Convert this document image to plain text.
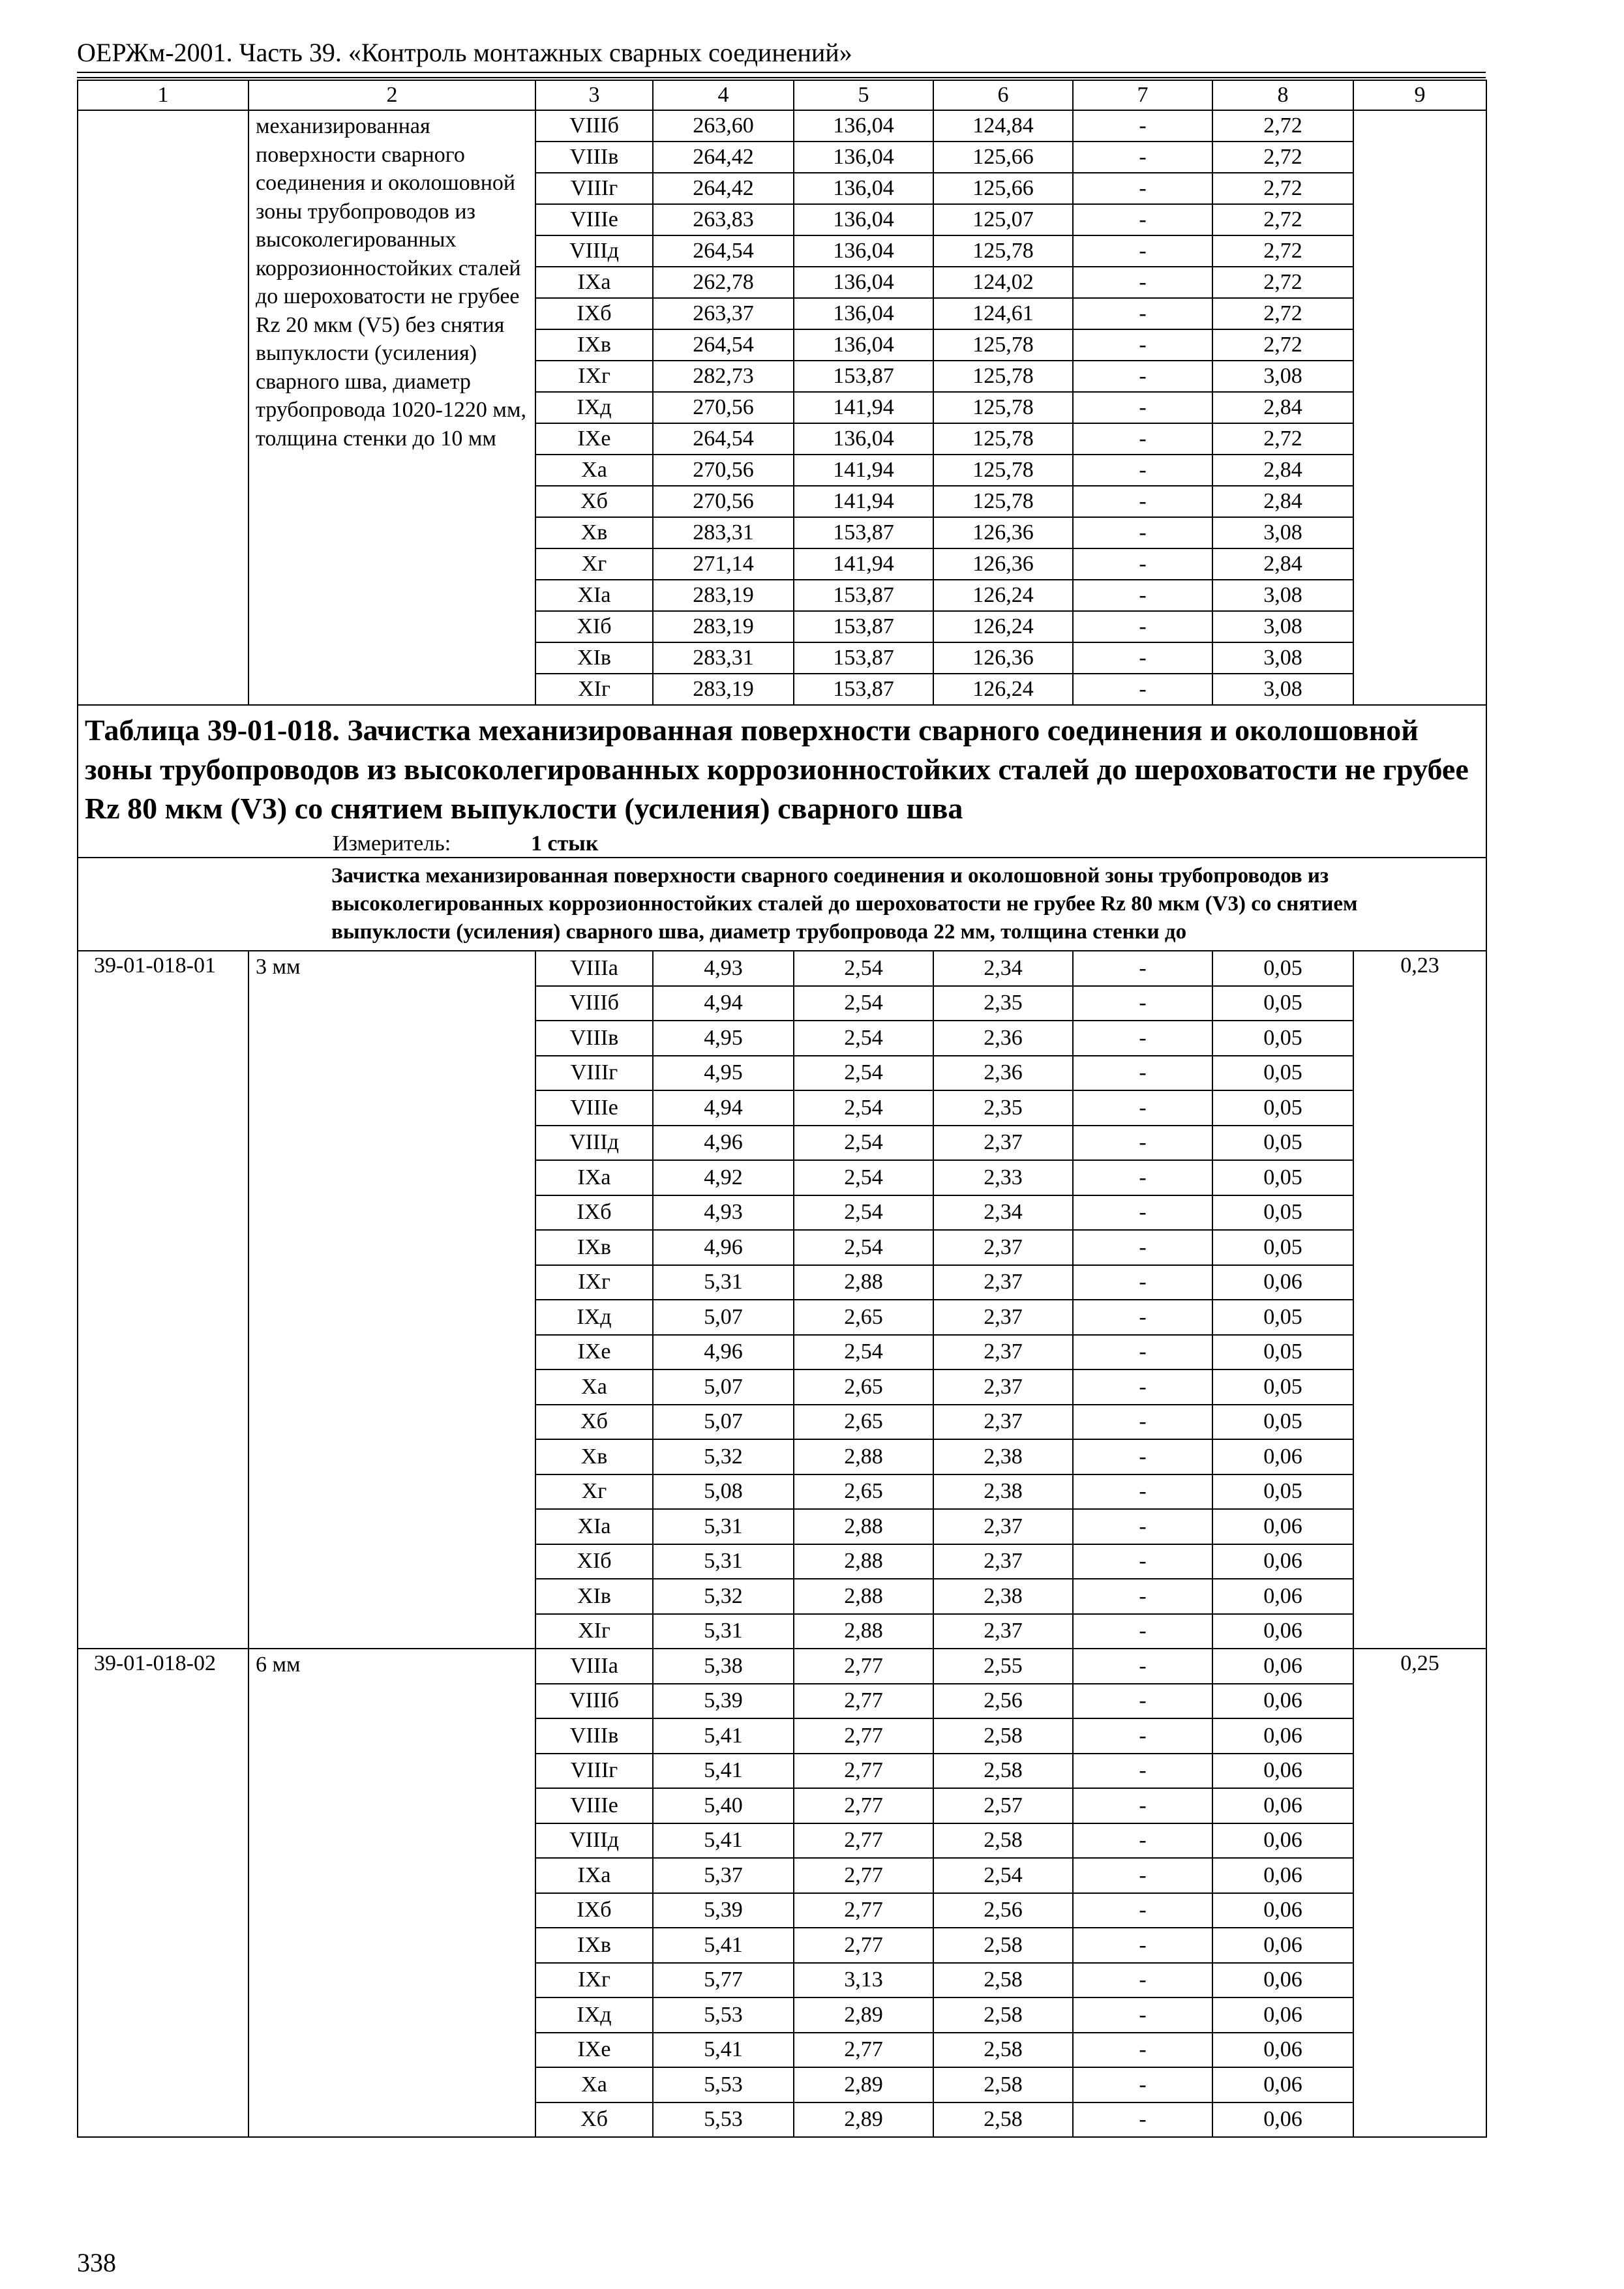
ОЕРЖм-2001. Часть 39. «Контроль монтажных сварных соединений»
1	2	3	4	5	6	7	8	9
	механизированная поверхности сварного соединения и околошовной зоны трубопроводов из высоколегированных коррозионностойких сталей до шероховатости не грубее Rz 20 мкм (V5) без снятия выпуклости (усиления) сварного шва, диаметр трубопровода 1020-1220 мм, толщина стенки до 10 мм	VIIIб	263,60	136,04	124,84	-	2,72	
		VIIIв	264,42	136,04	125,66	-	2,72	
		VIIIг	264,42	136,04	125,66	-	2,72	
		VIIIе	263,83	136,04	125,07	-	2,72	
		VIIIд	264,54	136,04	125,78	-	2,72	
		IXа	262,78	136,04	124,02	-	2,72	
		IXб	263,37	136,04	124,61	-	2,72	
		IXв	264,54	136,04	125,78	-	2,72	
		IXг	282,73	153,87	125,78	-	3,08	
		IXд	270,56	141,94	125,78	-	2,84	
		IXе	264,54	136,04	125,78	-	2,72	
		Xа	270,56	141,94	125,78	-	2,84	
		Xб	270,56	141,94	125,78	-	2,84	
		Xв	283,31	153,87	126,36	-	3,08	
		Xг	271,14	141,94	126,36	-	2,84	
		XIа	283,19	153,87	126,24	-	3,08	
		XIб	283,19	153,87	126,24	-	3,08	
		XIв	283,31	153,87	126,36	-	3,08	
		XIг	283,19	153,87	126,24	-	3,08	

Таблица 39-01-018. Зачистка механизированная поверхности сварного соединения и околошовной зоны трубопроводов из высоколегированных коррозионностойких сталей до шероховатости не грубее Rz 80 мкм (V3) со снятием выпуклости (усиления) сварного шва
Измеритель: 1 стык								

Зачистка механизированная поверхности сварного соединения и околошовной зоны трубопроводов из высоколегированных коррозионностойких сталей до шероховатости не грубее Rz 80 мкм (V3) со снятием выпуклости (усиления) сварного шва, диаметр трубопровода 22 мм, толщина стенки до								
39-01-018-01	3 мм	VIIIа	4,93	2,54	2,34	-	0,05	0,23
		VIIIб	4,94	2,54	2,35	-	0,05	
		VIIIв	4,95	2,54	2,36	-	0,05	
		VIIIг	4,95	2,54	2,36	-	0,05	
		VIIIе	4,94	2,54	2,35	-	0,05	
		VIIIд	4,96	2,54	2,37	-	0,05	
		IXа	4,92	2,54	2,33	-	0,05	
		IXб	4,93	2,54	2,34	-	0,05	
		IXв	4,96	2,54	2,37	-	0,05	
		IXг	5,31	2,88	2,37	-	0,06	
		IXд	5,07	2,65	2,37	-	0,05	
		IXе	4,96	2,54	2,37	-	0,05	
		Xа	5,07	2,65	2,37	-	0,05	
		Xб	5,07	2,65	2,37	-	0,05	
		Xв	5,32	2,88	2,38	-	0,06	
		Xг	5,08	2,65	2,38	-	0,05	
		XIа	5,31	2,88	2,37	-	0,06	
		XIб	5,31	2,88	2,37	-	0,06	
		XIв	5,32	2,88	2,38	-	0,06	
		XIг	5,31	2,88	2,37	-	0,06	
39-01-018-02	6 мм	VIIIа	5,38	2,77	2,55	-	0,06	0,25
		VIIIб	5,39	2,77	2,56	-	0,06	
		VIIIв	5,41	2,77	2,58	-	0,06	
		VIIIг	5,41	2,77	2,58	-	0,06	
		VIIIе	5,40	2,77	2,57	-	0,06	
		VIIIд	5,41	2,77	2,58	-	0,06	
		IXа	5,37	2,77	2,54	-	0,06	
		IXб	5,39	2,77	2,56	-	0,06	
		IXв	5,41	2,77	2,58	-	0,06	
		IXг	5,77	3,13	2,58	-	0,06	
		IXд	5,53	2,89	2,58	-	0,06	
		IXе	5,41	2,77	2,58	-	0,06	
		Xа	5,53	2,89	2,58	-	0,06	
		Xб	5,53	2,89	2,58	-	0,06	
338
